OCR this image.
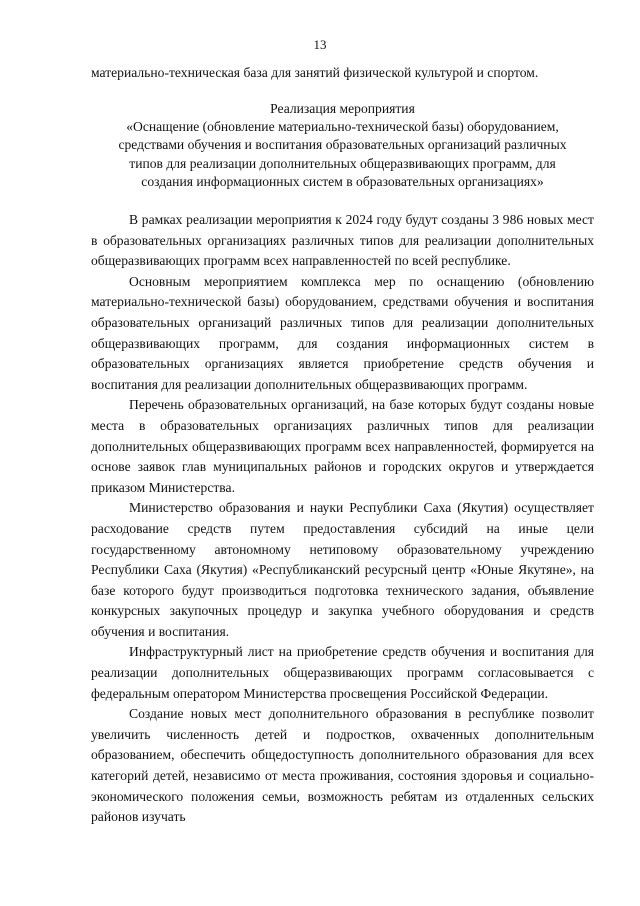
13
материально-техническая база для занятий физической культурой и спортом.
Реализация мероприятия
«Оснащение (обновление материально-технической базы) оборудованием,
средствами обучения и воспитания образовательных организаций различных
типов для реализации дополнительных общеразвивающих программ, для
создания информационных систем в образовательных организациях»

В рамках реализации мероприятия к 2024 году будут созданы 3 986 новых мест в образовательных организациях различных типов для реализации дополнительных общеразвивающих программ всех направленностей по всей республике.

Основным мероприятием комплекса мер по оснащению (обновлению материально-технической базы) оборудованием, средствами обучения и воспитания образовательных организаций различных типов для реализации дополнительных общеразвивающих программ, для создания информационных систем в образовательных организациях является приобретение средств обучения и воспитания для реализации дополнительных общеразвивающих программ.

Перечень образовательных организаций, на базе которых будут созданы новые места в образовательных организациях различных типов для реализации дополнительных общеразвивающих программ всех направленностей, формируется на основе заявок глав муниципальных районов и городских округов и утверждается приказом Министерства.

Министерство образования и науки Республики Саха (Якутия) осуществляет расходование средств путем предоставления субсидий на иные цели государственному автономному нетиповому образовательному учреждению Республики Саха (Якутия) «Республиканский ресурсный центр «Юные Якутяне», на базе которого будут производиться подготовка технического задания, объявление конкурсных закупочных процедур и закупка учебного оборудования и средств обучения и воспитания.

Инфраструктурный лист на приобретение средств обучения и воспитания для реализации дополнительных общеразвивающих программ согласовывается с федеральным оператором Министерства просвещения Российской Федерации.

Создание новых мест дополнительного образования в республике позволит увеличить численность детей и подростков, охваченных дополнительным образованием, обеспечить общедоступность дополнительного образования для всех категорий детей, независимо от места проживания, состояния здоровья и социально-экономического положения семьи, возможность ребятам из отдаленных сельских районов изучать
